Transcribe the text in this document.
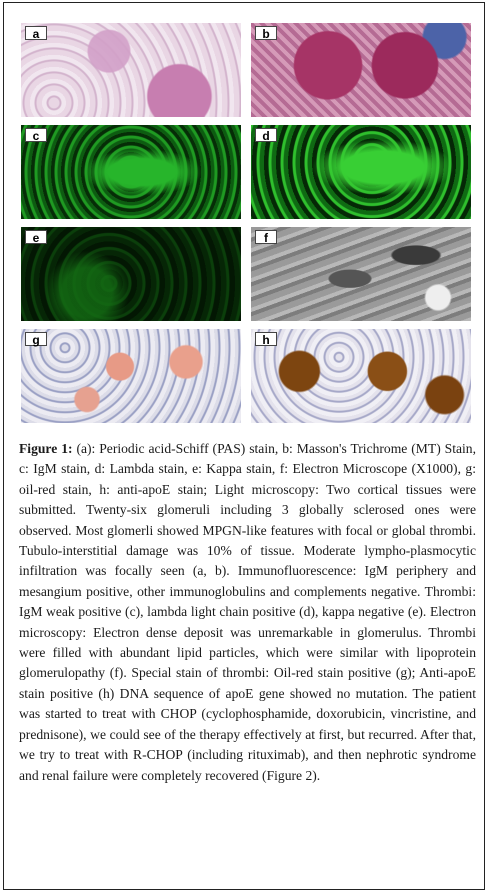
a	b
c	d
e	f
g	h

Figure 1: (a): Periodic acid-Schiff (PAS) stain, b: Masson's Trichrome (MT) Stain, c: IgM stain, d: Lambda stain, e: Kappa stain, f: Electron Microscope (X1000), g: oil-red stain, h: anti-apoE stain; Light microscopy: Two cortical tissues were submitted. Twenty-six glomeruli including 3 globally sclerosed ones were observed. Most glomerli showed MPGN-like features with focal or global thrombi. Tubulo-interstitial damage was 10% of tissue. Moderate lympho-plasmocytic infiltration was focally seen (a, b). Immunofluorescence: IgM periphery and mesangium positive, other immunoglobulins and complements negative. Thrombi: IgM weak positive (c), lambda light chain positive (d), kappa negative (e). Electron microscopy: Electron dense deposit was unremarkable in glomerulus. Thrombi were filled with abundant lipid particles, which were similar with lipoprotein glomerulopathy (f). Special stain of thrombi: Oil-red stain positive (g); Anti-apoE stain positive (h) DNA sequence of apoE gene showed no mutation. The patient was started to treat with CHOP (cyclophosphamide, doxorubicin, vincristine, and prednisone), we could see of the therapy effectively at first, but recurred. After that, we try to treat with R-CHOP (including rituximab), and then nephrotic syndrome and renal failure were completely recovered (Figure 2).
